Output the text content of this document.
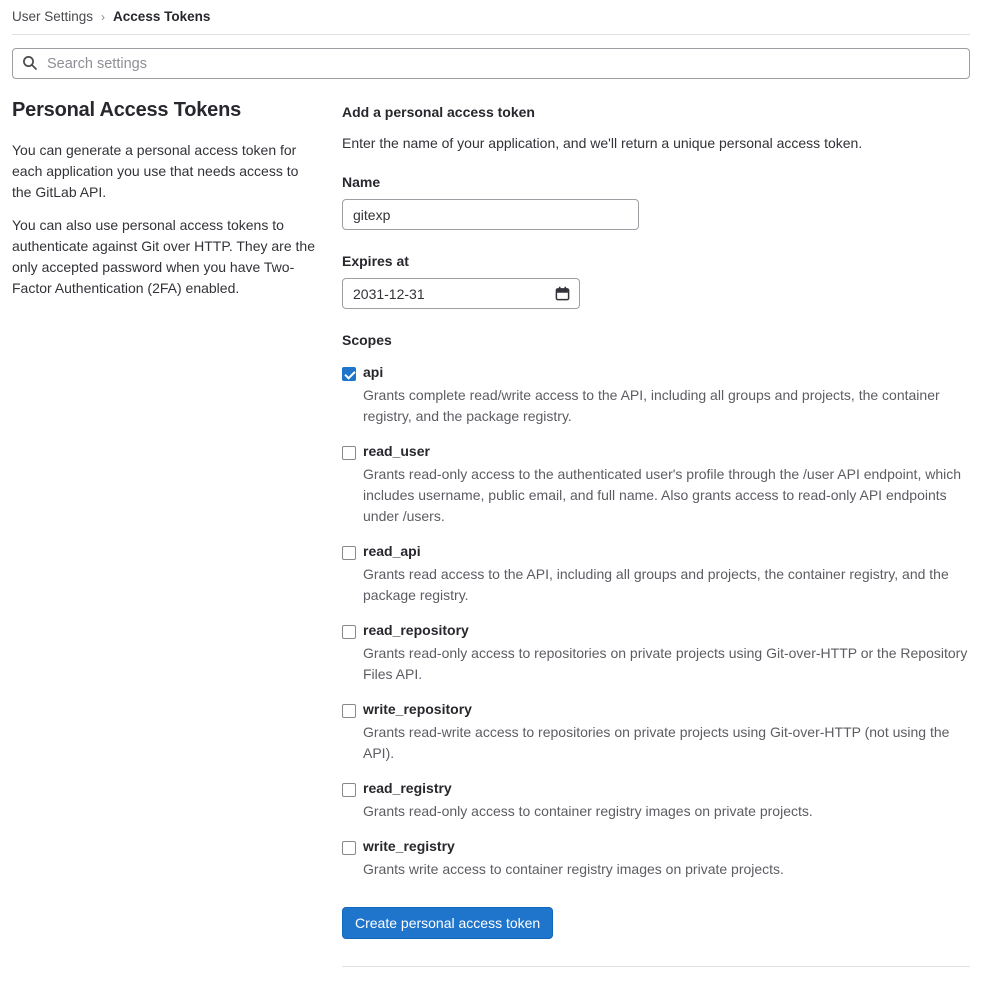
User Settings › Access Tokens
Search settings
Personal Access Tokens

You can generate a personal access token for each application you use that needs access to the GitLab API.

You can also use personal access tokens to authenticate against Git over HTTP. They are the only accepted password when you have Two-Factor Authentication (2FA) enabled.

Add a personal access token

Enter the name of your application, and we'll return a unique personal access token.

Name
gitexp
Expires at
2031-12-31
Scopes
api
Grants complete read/write access to the API, including all groups and projects, the container registry, and the package registry.
read_user
Grants read-only access to the authenticated user's profile through the /user API endpoint, which includes username, public email, and full name. Also grants access to read-only API endpoints under /users.
read_api
Grants read access to the API, including all groups and projects, the container registry, and the package registry.
read_repository
Grants read-only access to repositories on private projects using Git-over-HTTP or the Repository Files API.
write_repository
Grants read-write access to repositories on private projects using Git-over-HTTP (not using the API).
read_registry
Grants read-only access to container registry images on private projects.
write_registry
Grants write access to container registry images on private projects.
Create personal access token
